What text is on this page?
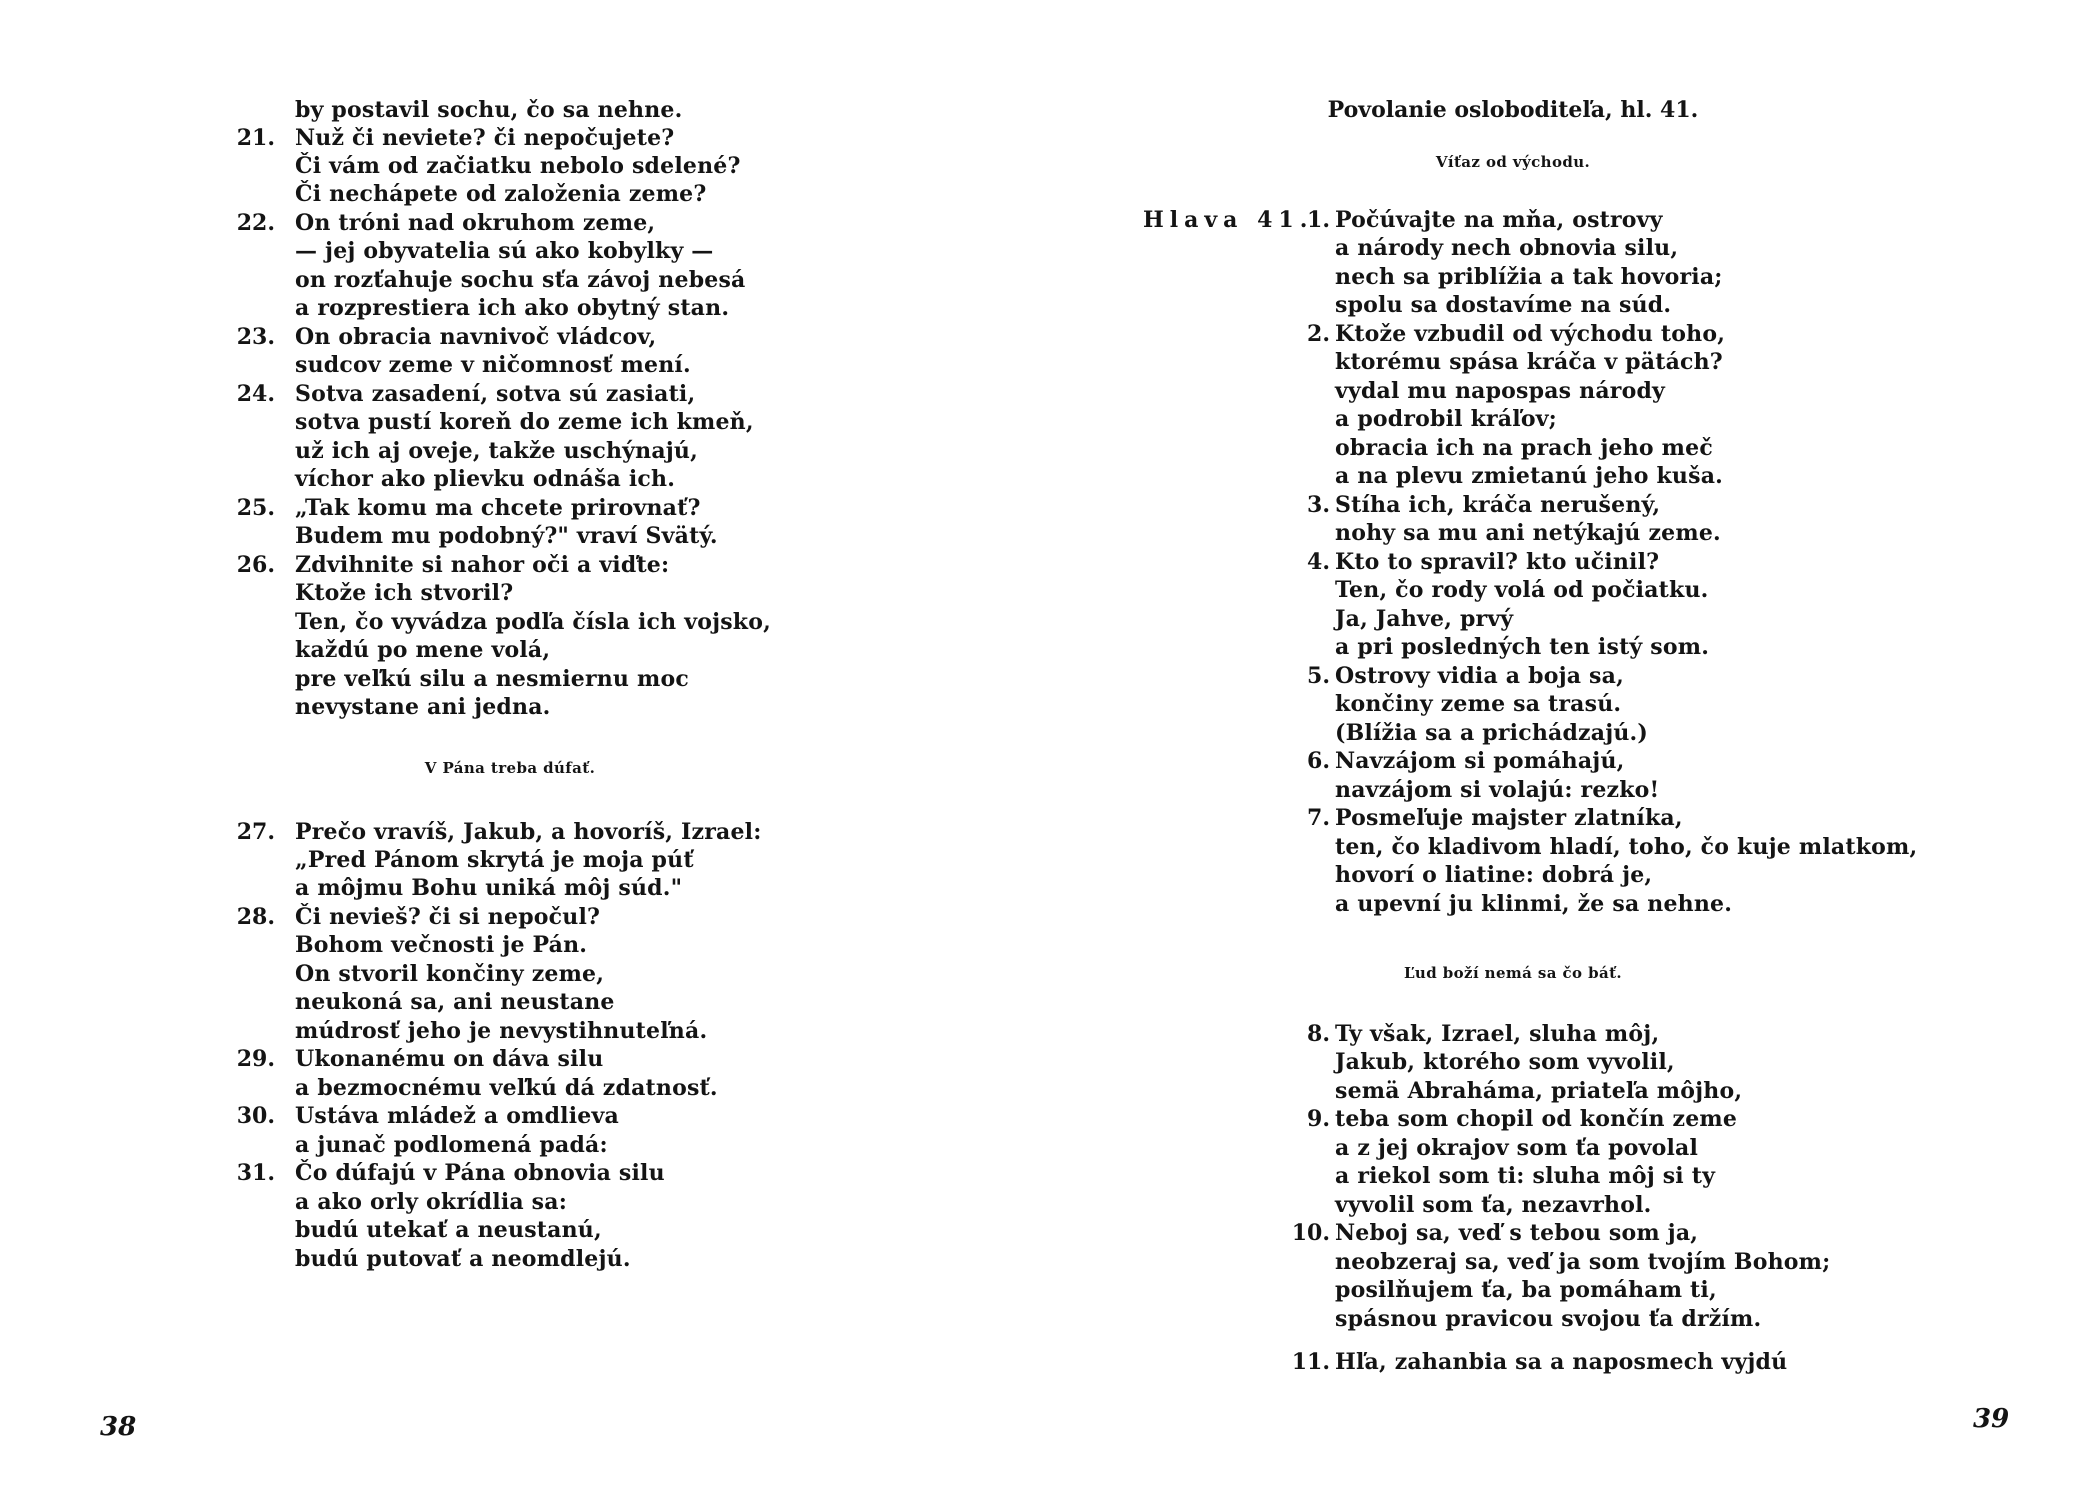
by postavil sochu, čo sa nehne.
21. Nuž či neviete? či nepočujete?
Či vám od začiatku nebolo sdelené?
Či nechápete od založenia zeme?
22. On tróni nad okruhom zeme,
— jej obyvatelia sú ako kobylky —
on rozťahuje sochu sťa závoj nebesá
a rozprestiera ich ako obytný stan.
23. On obracia navnivoč vládcov,
sudcov zeme v ničomnosť mení.
24. Sotva zasadení, sotva sú zasiati,
sotva pustí koreň do zeme ich kmeň,
už ich aj oveje, takže uschýnajú,
víchor ako plievku odnáša ich.
25. „Tak komu ma chcete prirovnať?
Budem mu podobný?" vraví Svätý.
26. Zdvihnite si nahor oči a viďte:
Ktože ich stvoril?
Ten, čo vyvádza podľa čísla ich vojsko,
každú po mene volá,
pre veľkú silu a nesmiernu moc
nevystane ani jedna.
V Pána treba dúfať.
27. Prečo vravíš, Jakub, a hovoríš, Izrael:
„Pred Pánom skrytá je moja púť
a môjmu Bohu uniká môj súd."
28. Či nevieš? či si nepočul?
Bohom večnosti je Pán.
On stvoril končiny zeme,
neukoná sa, ani neustane
múdrosť jeho je nevystihnuteľná.
29. Ukonanému on dáva silu
a bezmocnému veľkú dá zdatnosť.
30. Ustáva mládež a omdlieva
a junač podlomená padá:
31. Čo dúfajú v Pána obnovia silu
a ako orly okrídlia sa:
budú utekať a neustanú,
budú putovať a neomdlejú.
38
Povolanie osloboditeľa, hl. 41.
Víťaz od východu.
Hlava 41.
1. Počúvajte na mňa, ostrovy
a národy nech obnovia silu,
nech sa priblížia a tak hovoria;
spolu sa dostavíme na súd.
2. Ktože vzbudil od východu toho,
ktorému spása kráča v pätách?
vydal mu napospas národy
a podrobil kráľov;
obracia ich na prach jeho meč
a na plevu zmietanú jeho kuša.
3. Stíha ich, kráča nerušený,
nohy sa mu ani netýkajú zeme.
4. Kto to spravil? kto učinil?
Ten, čo rody volá od počiatku.
Ja, Jahve, prvý
a pri posledných ten istý som.
5. Ostrovy vidia a boja sa,
končiny zeme sa trasú.
(Blížia sa a prichádzajú.)
6. Navzájom si pomáhajú,
navzájom si volajú: rezko!
7. Posmeľuje majster zlatníka,
ten, čo kladivom hladí, toho, čo kuje mlatkom,
hovorí o liatine: dobrá je,
a upevní ju klinmi, že sa nehne.
Ľud boží nemá sa čo báť.
8. Ty však, Izrael, sluha môj,
Jakub, ktorého som vyvolil,
semä Abraháma, priateľa môjho,
9. teba som chopil od končín zeme
a z jej okrajov som ťa povolal
a riekol som ti: sluha môj si ty
vyvolil som ťa, nezavrhol.
10. Neboj sa, veď s tebou som ja,
neobzeraj sa, veď ja som tvojím Bohom;
posilňujem ťa, ba pomáham ti,
spásnou pravicou svojou ťa držím.
11. Hľa, zahanbia sa a naposmech vyjdú
39
